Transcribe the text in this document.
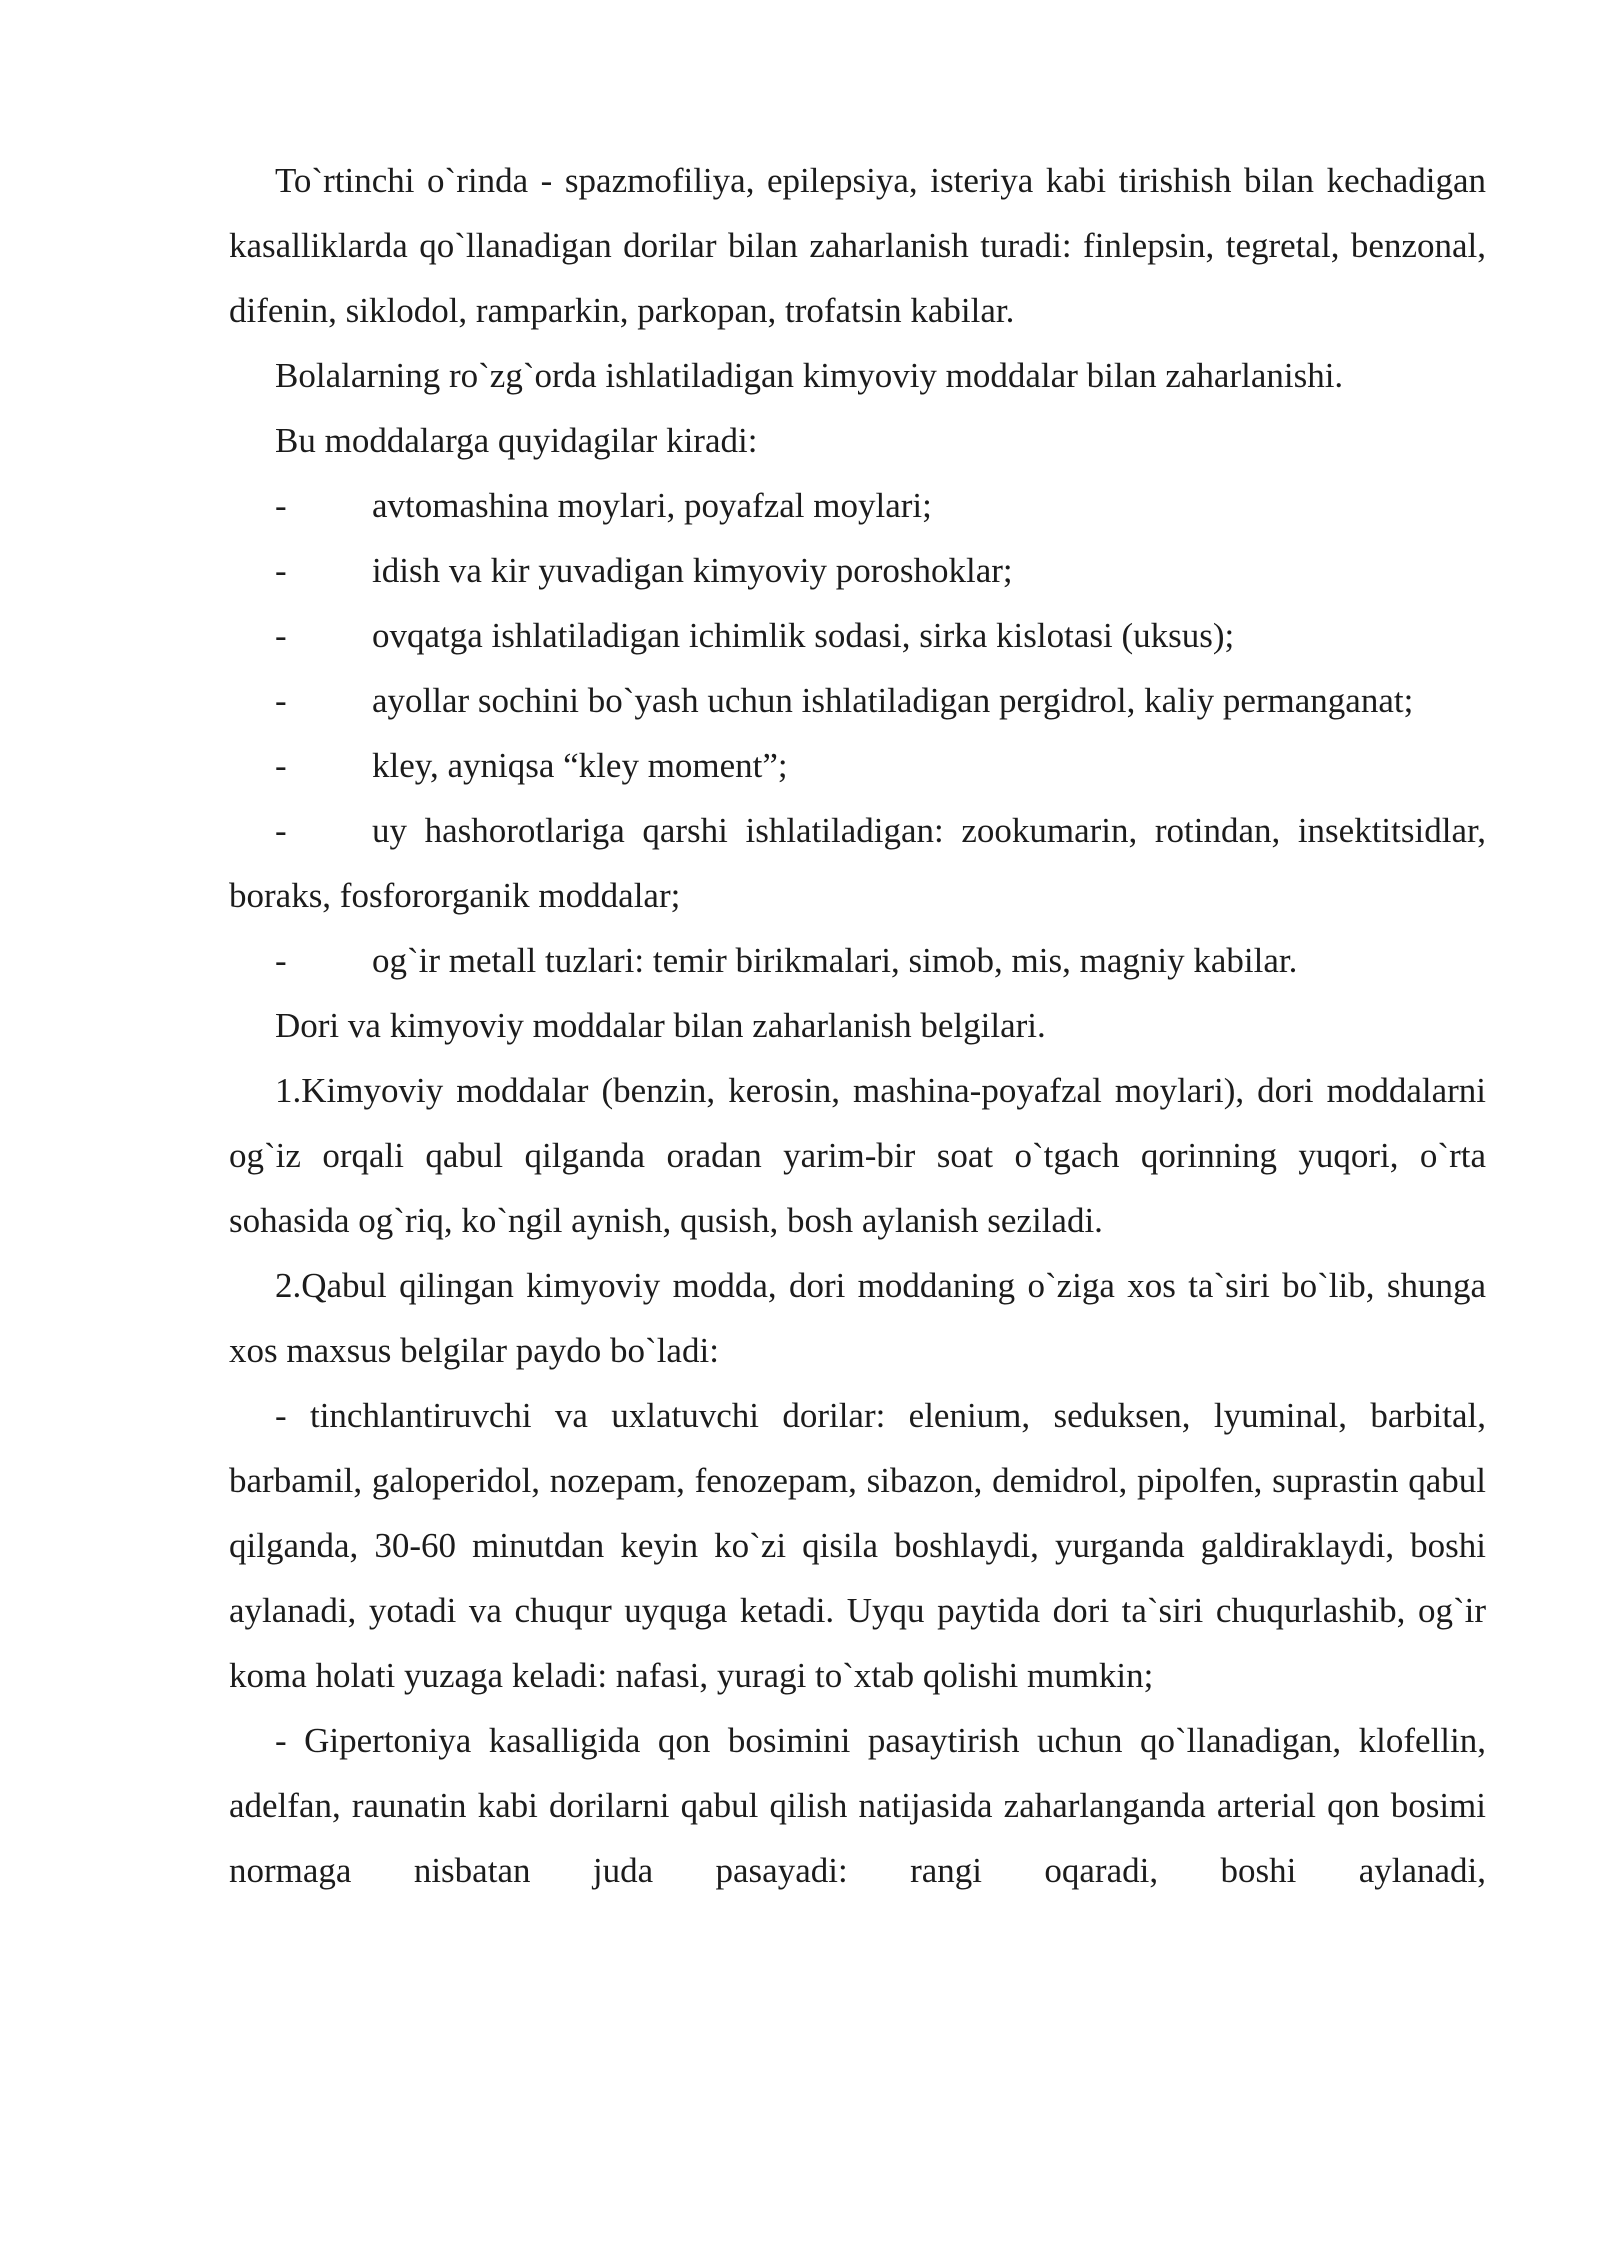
To`rtinchi o`rinda - spazmofiliya, epilepsiya, isteriya kabi tirishish bilan kechadigan kasalliklarda qo`llanadigan dorilar bilan zaharlanish turadi: finlepsin, tegretal, benzonal, difenin, siklodol, ramparkin, parkopan, trofatsin kabilar.

Bolalarning ro`zg`orda ishlatiladigan kimyoviy moddalar bilan zaharlanishi.

Bu moddalarga quyidagilar kiradi:

- avtomashina moylari, poyafzal moylari;

- idish va kir yuvadigan kimyoviy poroshoklar;

- ovqatga ishlatiladigan ichimlik sodasi, sirka kislotasi (uksus);

- ayollar sochini bo`yash uchun ishlatiladigan pergidrol, kaliy permanganat;

- kley, ayniqsa “kley moment”;

- uy hashorotlariga qarshi ishlatiladigan: zookumarin, rotindan, insektitsidlar, boraks, fosfororganik moddalar;

- og`ir metall tuzlari: temir birikmalari, simob, mis, magniy kabilar.

Dori va kimyoviy moddalar bilan zaharlanish belgilari.

1.Kimyoviy moddalar (benzin, kerosin, mashina-poyafzal moylari), dori moddalarni og`iz orqali qabul qilganda oradan yarim-bir soat o`tgach qorinning yuqori, o`rta sohasida og`riq, ko`ngil aynish, qusish, bosh aylanish seziladi.

2.Qabul qilingan kimyoviy modda, dori moddaning o`ziga xos ta`siri bo`lib, shunga xos maxsus belgilar paydo bo`ladi:

- tinchlantiruvchi va uxlatuvchi dorilar: elenium, seduksen, lyuminal, barbital, barbamil, galoperidol, nozepam, fenozepam, sibazon, demidrol, pipolfen, suprastin qabul qilganda, 30-60 minutdan keyin ko`zi qisila boshlaydi, yurganda galdiraklaydi, boshi aylanadi, yotadi va chuqur uyquga ketadi. Uyqu paytida dori ta`siri chuqurlashib, og`ir koma holati yuzaga keladi: nafasi, yuragi to`xtab qolishi mumkin;

- Gipertoniya kasalligida qon bosimini pasaytirish uchun qo`llanadigan, klofellin, adelfan, raunatin kabi dorilarni qabul qilish natijasida zaharlanganda arterial qon bosimi normaga nisbatan juda pasayadi: rangi oqaradi, boshi aylanadi,
